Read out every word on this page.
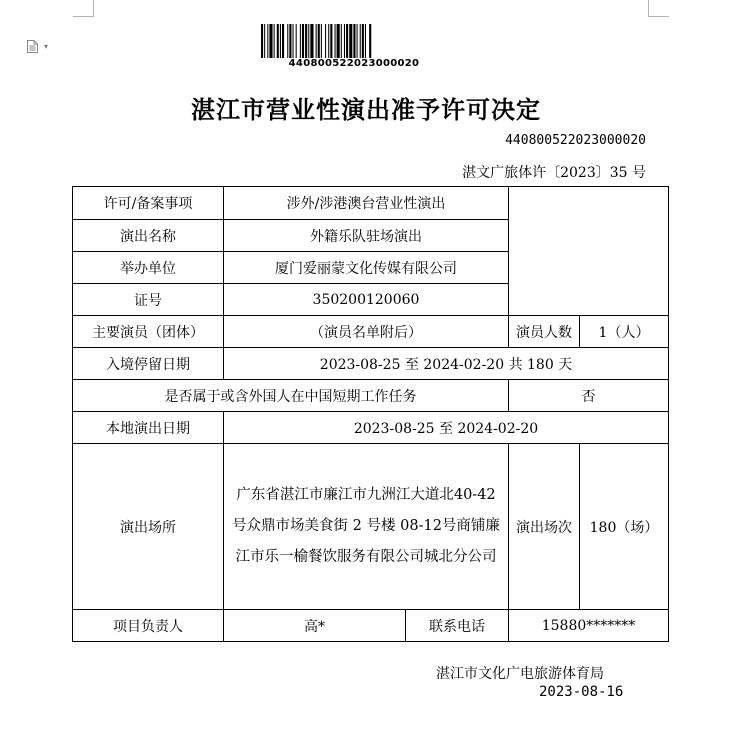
▾
440800522023000020
湛江市营业性演出准予许可决定
440800522023000020
湛文广旅体许〔2023〕35 号
许可/备案事项	涉外/涉港澳台营业性演出			
演出名称	外籍乐队驻场演出			
举办单位	厦门爱丽蒙文化传媒有限公司			
证号	350200120060			
主要演员（团体）	（演员名单附后）		演员人数	1（人）
入境停留日期	2023-08-25 至 2024-02-20 共 180 天			
是否属于或含外国人在中国短期工作任务			否	
本地演出日期	2023-08-25 至 2024-02-20			
演出场所	广东省湛江市廉江市九洲江大道北40-42 号众鼎市场美食街 2 号楼 08-12号商铺廉江市乐一榆餐饮服务有限公司城北分公司		演出场次	180（场）
项目负责人	高*	联系电话	15880*******	
湛江市文化广电旅游体育局
2023-08-16
